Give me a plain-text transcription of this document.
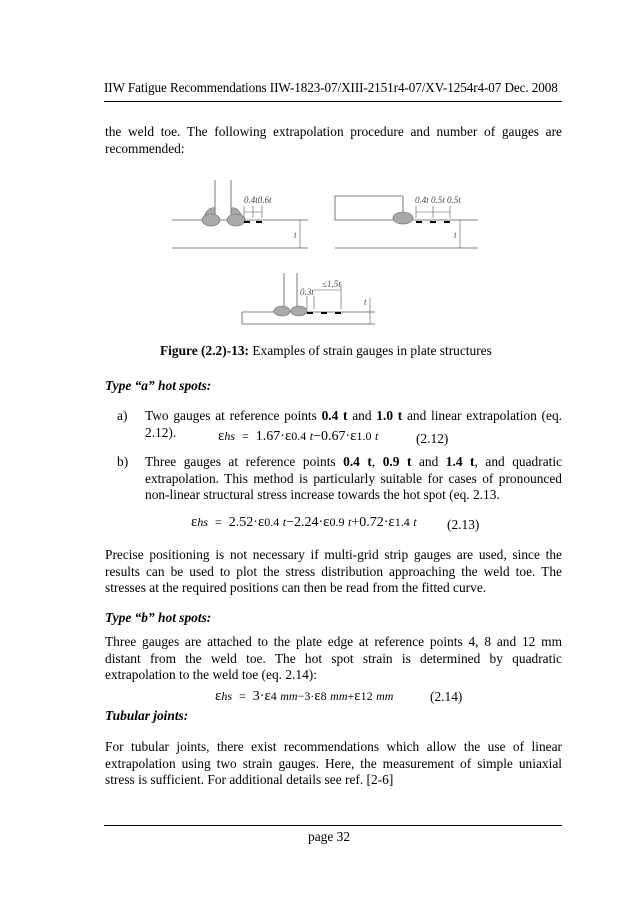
IIW Fatigue Recommendations IIW-1823-07/XIII-2151r4-07/XV-1254r4-07 Dec. 2008

the weld toe. The following extrapolation procedure and number of gauges are recommended:

0.4t0.6t
t
0.4t 0.5t 0.5t
t
0.3t
≤1.5t
t
Figure (2.2)-13: Examples of strain gauges in plate structures
Type “a” hot spots:
a) Two gauges at reference points 0.4 t and 1.0 t and linear extrapolation (eq. 2.12).	εhs = 1.67·ε0.4 t−0.67·ε1.0 t	(2.12)
b) Three gauges at reference points 0.4 t, 0.9 t and 1.4 t, and quadratic extrapolation. This method is particularly suitable for cases of pronounced non-linear structural stress increase towards the hot spot (eq. 2.13.
εhs = 2.52·ε0.4 t−2.24·ε0.9 t+0.72·ε1.4 t (2.13)

Precise positioning is not necessary if multi-grid strip gauges are used, since the results can be used to plot the stress distribution approaching the weld toe. The stresses at the required positions can then be read from the fitted curve.

Type “b” hot spots:

Three gauges are attached to the plate edge at reference points 4, 8 and 12 mm distant from the weld toe. The hot spot strain is determined by quadratic extrapolation to the weld toe (eq. 2.14):

εhs = 3·ε4 mm−3·ε8 mm+ε12 mm	(2.14)
Tubular joints:

For tubular joints, there exist recommendations which allow the use of linear extrapolation using two strain gauges. Here, the measurement of simple uniaxial stress is sufficient. For additional details see ref. [2-6]

page 32
